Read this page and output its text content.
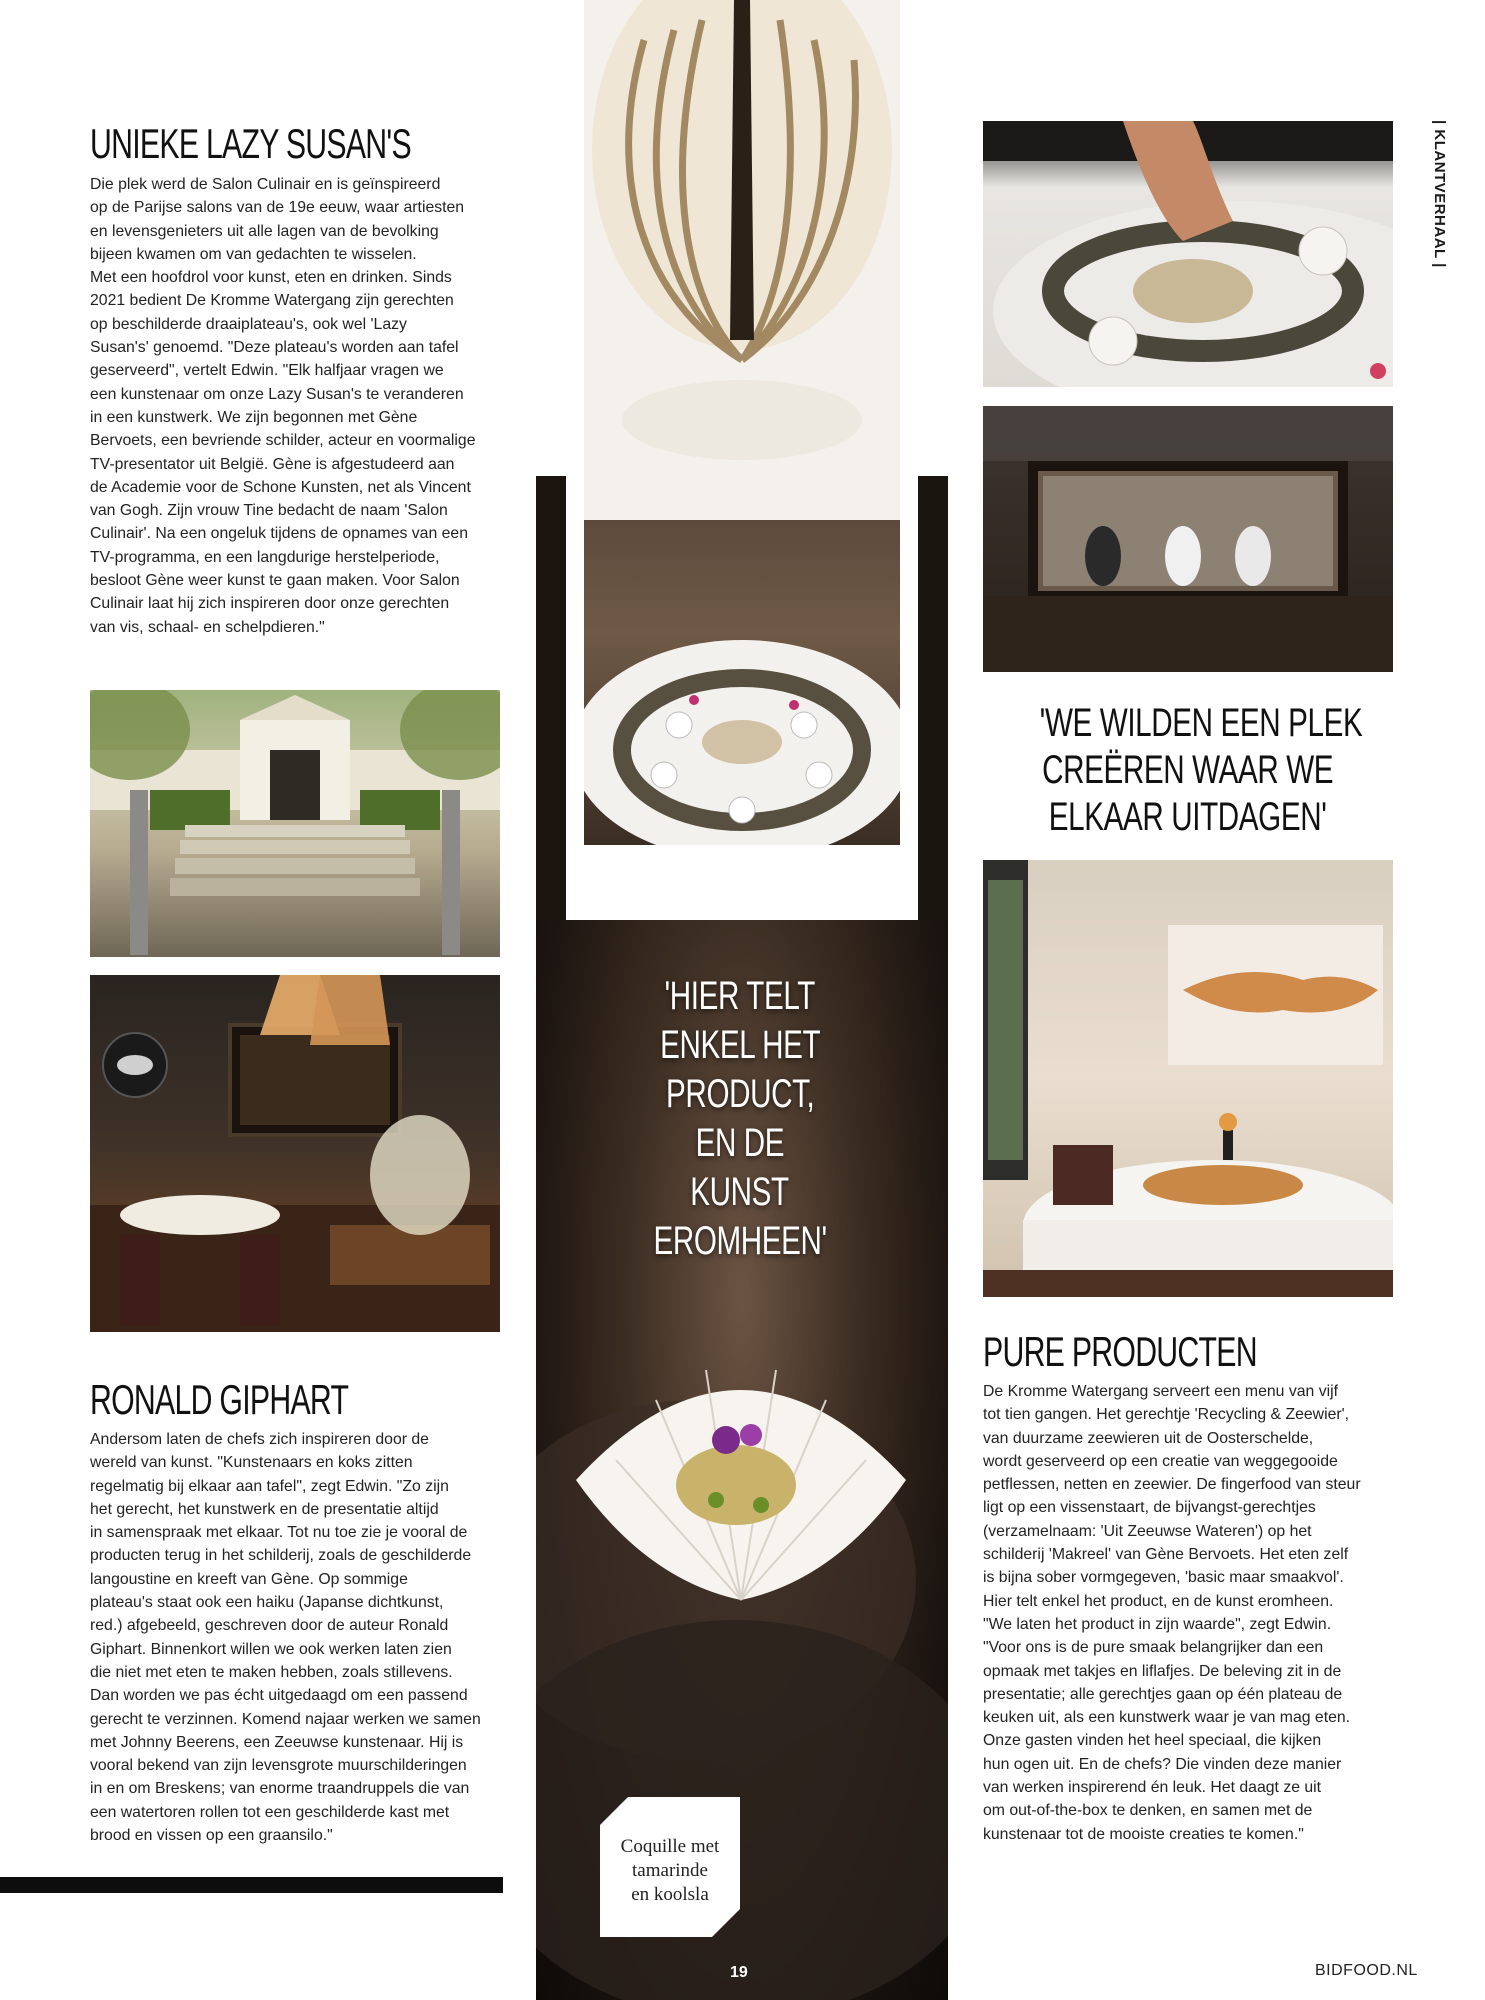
UNIEKE LAZY SUSAN'S
Die plek werd de Salon Culinair en is geïnspireerd
op de Parijse salons van de 19e eeuw, waar artiesten
en levensgenieters uit alle lagen van de bevolking
bijeen kwamen om van gedachten te wisselen.
Met een hoofdrol voor kunst, eten en drinken. Sinds
2021 bedient De Kromme Watergang zijn gerechten
op beschilderde draaiplateau's, ook wel 'Lazy
Susan's' genoemd. "Deze plateau's worden aan tafel
geserveerd", vertelt Edwin. "Elk halfjaar vragen we
een kunstenaar om onze Lazy Susan's te veranderen
in een kunstwerk. We zijn begonnen met Gène
Bervoets, een bevriende schilder, acteur en voormalige
TV-presentator uit België. Gène is afgestudeerd aan
de Academie voor de Schone Kunsten, net als Vincent
van Gogh. Zijn vrouw Tine bedacht de naam 'Salon
Culinair'. Na een ongeluk tijdens de opnames van een
TV-programma, en een langdurige herstelperiode,
besloot Gène weer kunst te gaan maken. Voor Salon
Culinair laat hij zich inspireren door onze gerechten
van vis, schaal- en schelpdieren."
RONALD GIPHART
Andersom laten de chefs zich inspireren door de
wereld van kunst. "Kunstenaars en koks zitten
regelmatig bij elkaar aan tafel", zegt Edwin. "Zo zijn
het gerecht, het kunstwerk en de presentatie altijd
in samenspraak met elkaar. Tot nu toe zie je vooral de
producten terug in het schilderij, zoals de geschilderde
langoustine en kreeft van Gène. Op sommige
plateau's staat ook een haiku (Japanse dichtkunst,
red.) afgebeeld, geschreven door de auteur Ronald
Giphart. Binnenkort willen we ook werken laten zien
die niet met eten te maken hebben, zoals stillevens.
Dan worden we pas écht uitgedaagd om een passend
gerecht te verzinnen. Komend najaar werken we samen
met Johnny Beerens, een Zeeuwse kunstenaar. Hij is
vooral bekend van zijn levensgrote muurschilderingen
in en om Breskens; van enorme traandruppels die van
een watertoren rollen tot een geschilderde kast met
brood en vissen op een graansilo."
'HIER TELT
ENKEL HET
PRODUCT,
EN DE
KUNST
EROMHEEN'
Coquille met
tamarinde
en koolsla
19
'WE WILDEN EEN PLEK
CREËREN WAAR WE
ELKAAR UITDAGEN'
PURE PRODUCTEN
De Kromme Watergang serveert een menu van vijf
tot tien gangen. Het gerechtje 'Recycling & Zeewier',
van duurzame zeewieren uit de Oosterschelde,
wordt geserveerd op een creatie van weggegooide
petflessen, netten en zeewier. De fingerfood van steur
ligt op een vissenstaart, de bijvangst-gerechtjes
(verzamelnaam: 'Uit Zeeuwse Wateren') op het
schilderij 'Makreel' van Gène Bervoets. Het eten zelf
is bijna sober vormgegeven, 'basic maar smaakvol'.
Hier telt enkel het product, en de kunst eromheen.
"We laten het product in zijn waarde", zegt Edwin.
"Voor ons is de pure smaak belangrijker dan een
opmaak met takjes en liflafjes. De beleving zit in de
presentatie; alle gerechtjes gaan op één plateau de
keuken uit, als een kunstwerk waar je van mag eten.
Onze gasten vinden het heel speciaal, die kijken
hun ogen uit. En de chefs? Die vinden deze manier
van werken inspirerend én leuk. Het daagt ze uit
om out-of-the-box te denken, en samen met de
kunstenaar tot de mooiste creaties te komen."
| KLANTVERHAAL |
BIDFOOD.NL
